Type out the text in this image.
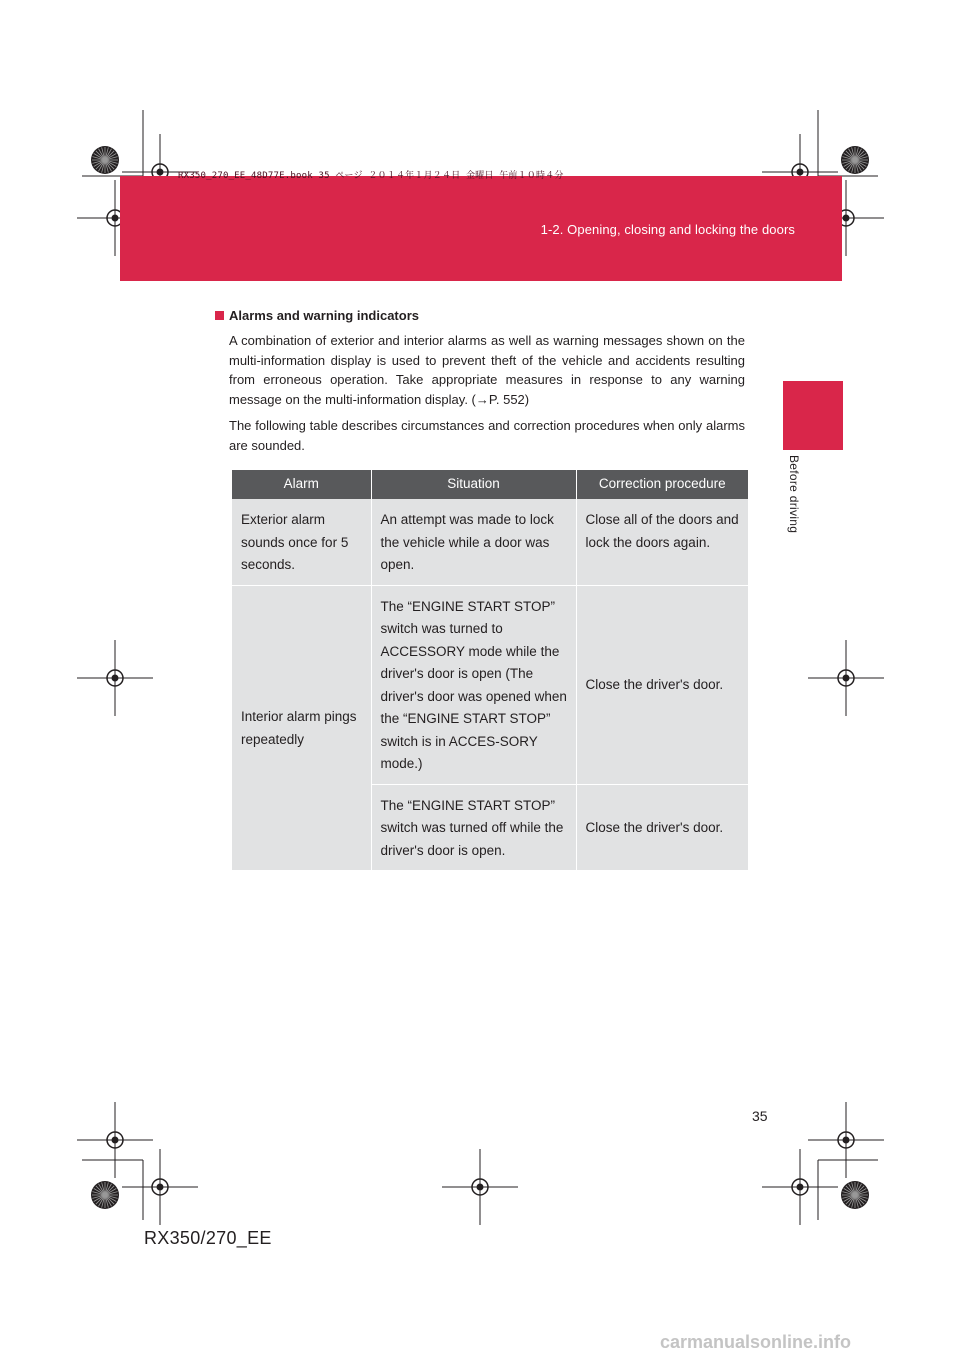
1-2. Opening, closing and locking the doors
RX350_270_EE_48D77E.book 35 ページ ２０１４年１月２４日 金曜日 午前１０時４分
1
Before driving
Alarms and warning indicators

A combination of exterior and interior alarms as well as warning messages shown on the multi-information display is used to prevent theft of the vehicle and accidents resulting from erroneous operation. Take appropriate measures in response to any warning message on the multi-information display. (→P. 552)

The following table describes circumstances and correction procedures when only alarms are sounded.

Alarm	Situation	Correction procedure
Exterior alarm sounds once for 5 seconds.	An attempt was made to lock the vehicle while a door was open.	Close all of the doors and lock the doors again.
Interior alarm pings repeatedly	The “ENGINE START STOP” switch was turned to ACCESSORY mode while the driver's door is open (The driver's door was opened when the “ENGINE START STOP” switch is in ACCES-SORY mode.)	Close the driver's door.
	The “ENGINE START STOP” switch was turned off while the driver's door is open.	Close the driver's door.
35
RX350/270_EE
carmanualsonline.info
